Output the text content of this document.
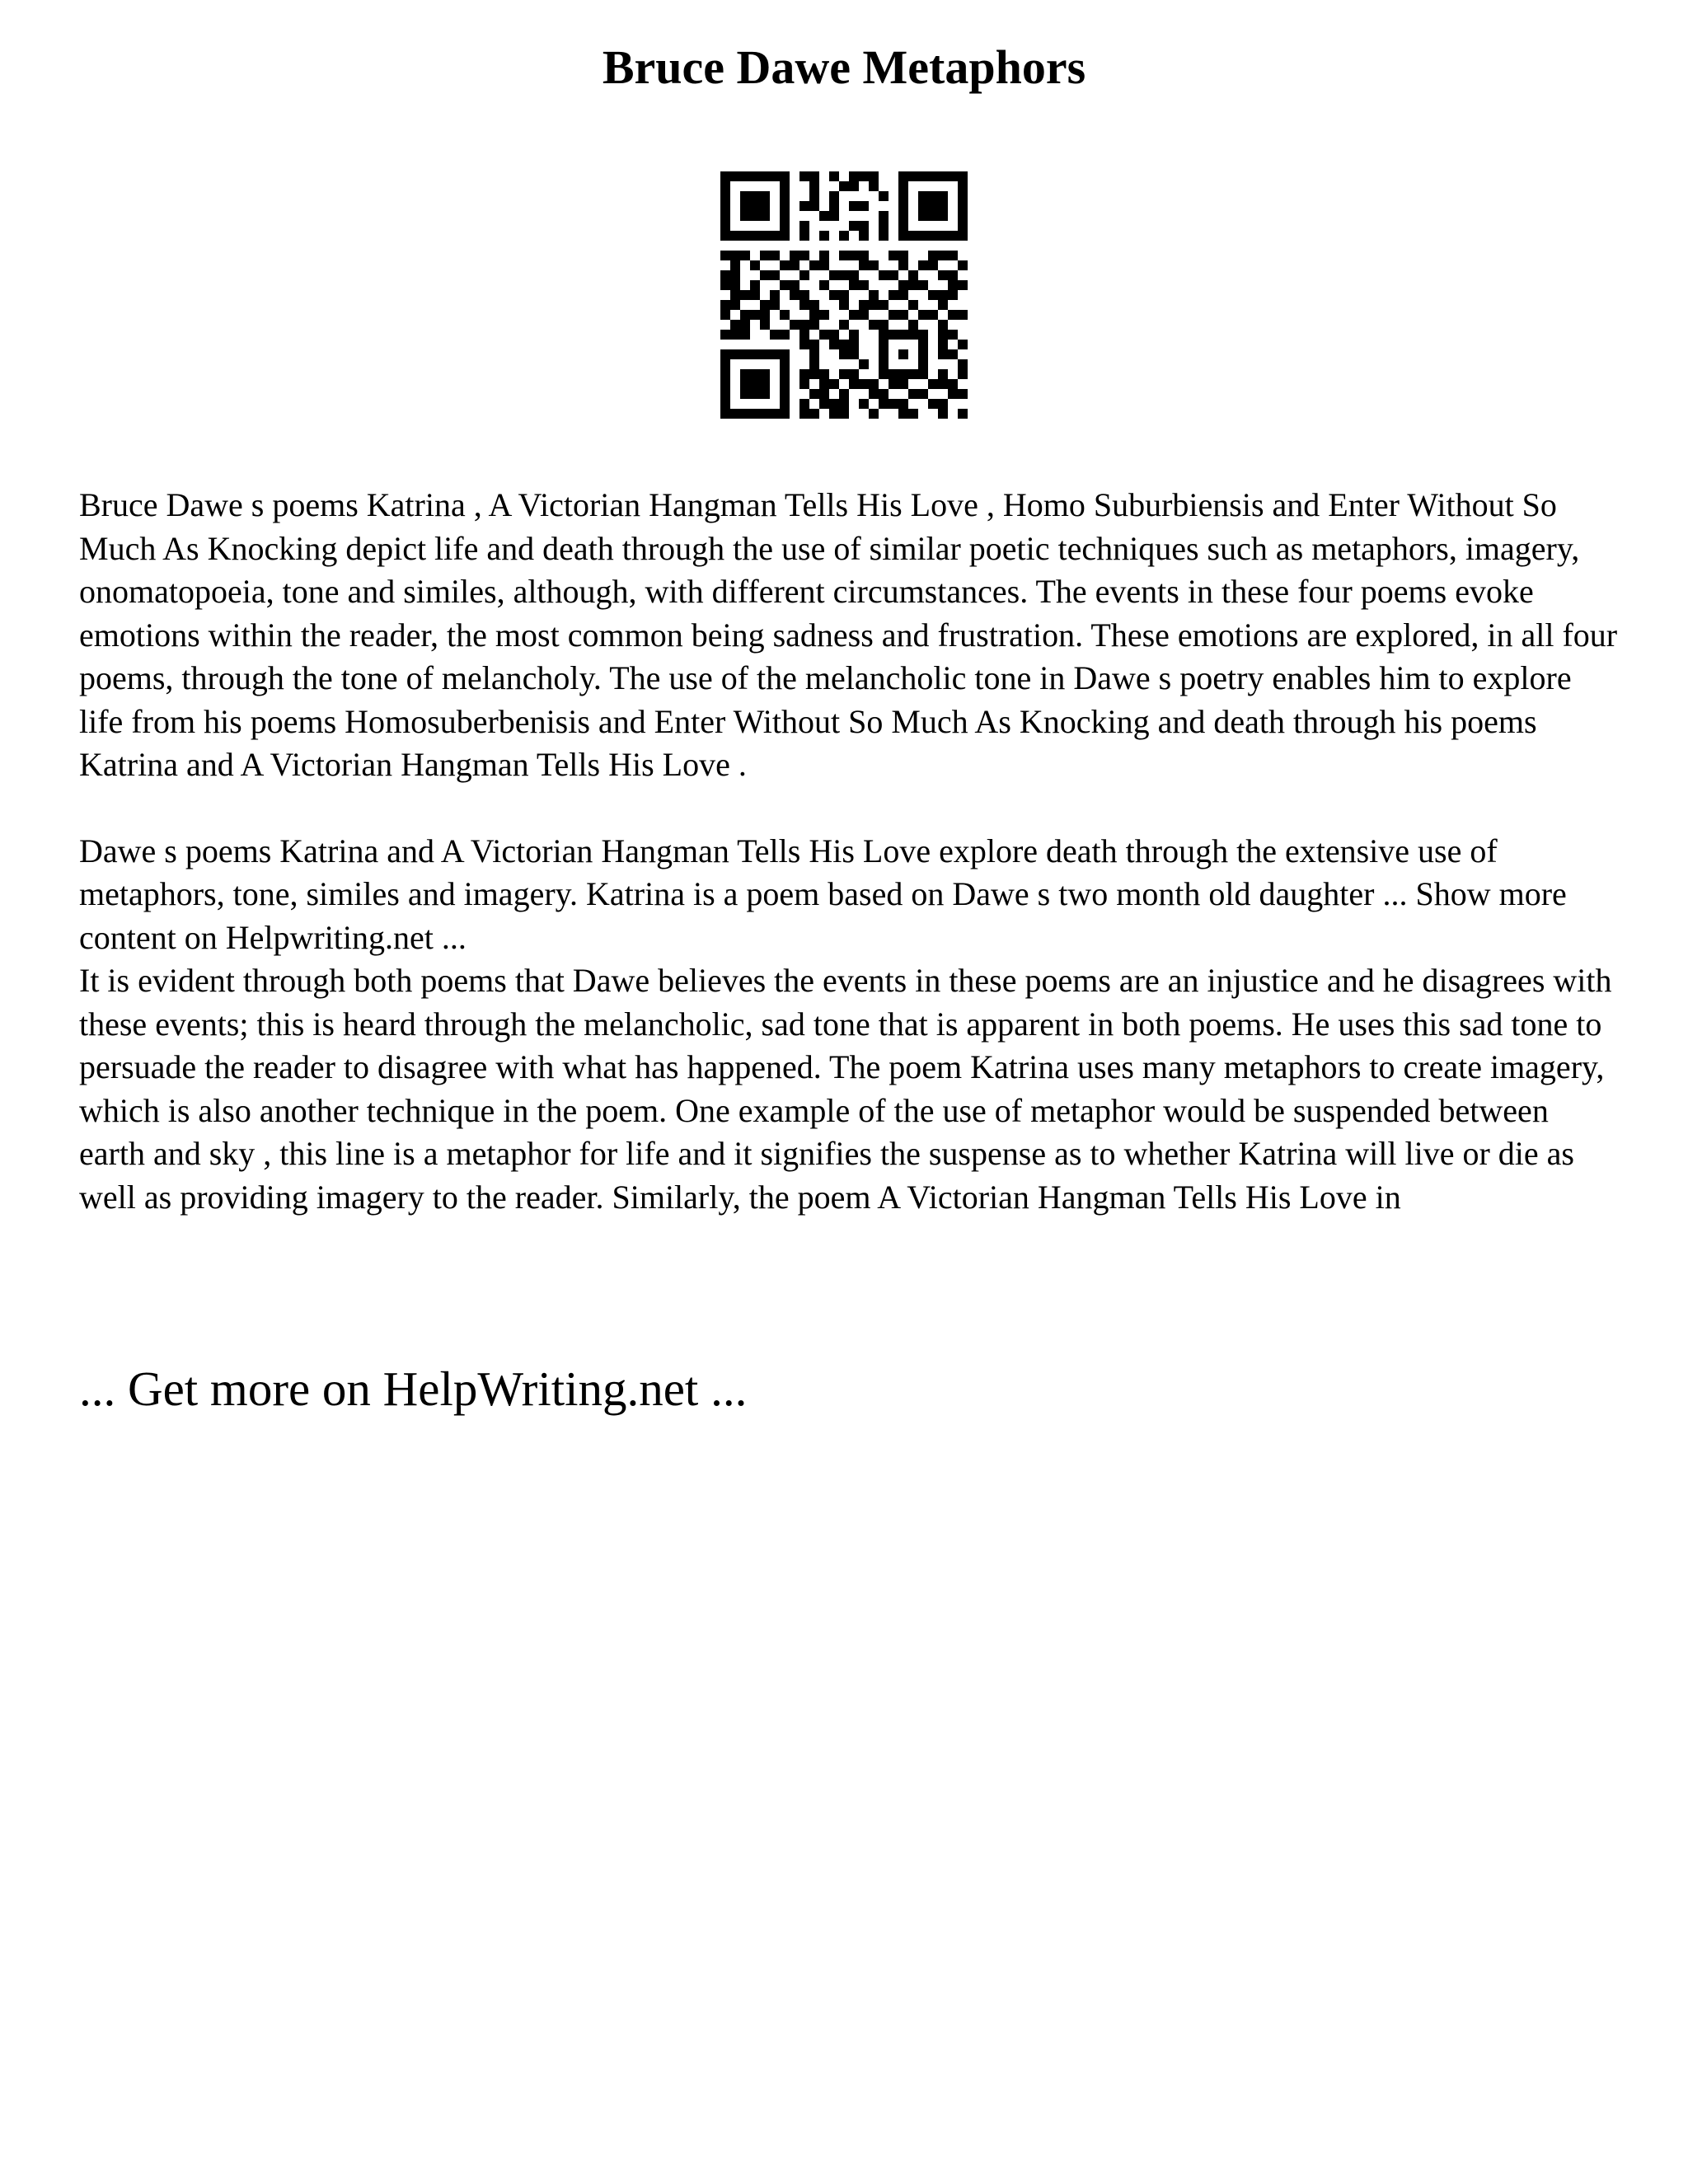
Bruce Dawe Metaphors

Bruce Dawe s poems Katrina , A Victorian Hangman Tells His Love , Homo Suburbiensis and Enter Without So Much As Knocking depict life and death through the use of similar poetic techniques such as metaphors, imagery, onomatopoeia, tone and similes, although, with different circumstances. The events in these four poems evoke emotions within the reader, the most common being sadness and frustration. These emotions are explored, in all four poems, through the tone of melancholy. The use of the melancholic tone in Dawe s poetry enables him to explore life from his poems Homosuberbenisis and Enter Without So Much As Knocking and death through his poems Katrina and A Victorian Hangman Tells His Love .

Dawe s poems Katrina and A Victorian Hangman Tells His Love explore death through the extensive use of metaphors, tone, similes and imagery. Katrina is a poem based on Dawe s two month old daughter ... Show more content on Helpwriting.net ...

It is evident through both poems that Dawe believes the events in these poems are an injustice and he disagrees with these events; this is heard through the melancholic, sad tone that is apparent in both poems. He uses this sad tone to persuade the reader to disagree with what has happened. The poem Katrina uses many metaphors to create imagery, which is also another technique in the poem. One example of the use of metaphor would be suspended between earth and sky , this line is a metaphor for life and it signifies the suspense as to whether Katrina will live or die as well as providing imagery to the reader. Similarly, the poem A Victorian Hangman Tells His Love in

... Get more on HelpWriting.net ...
